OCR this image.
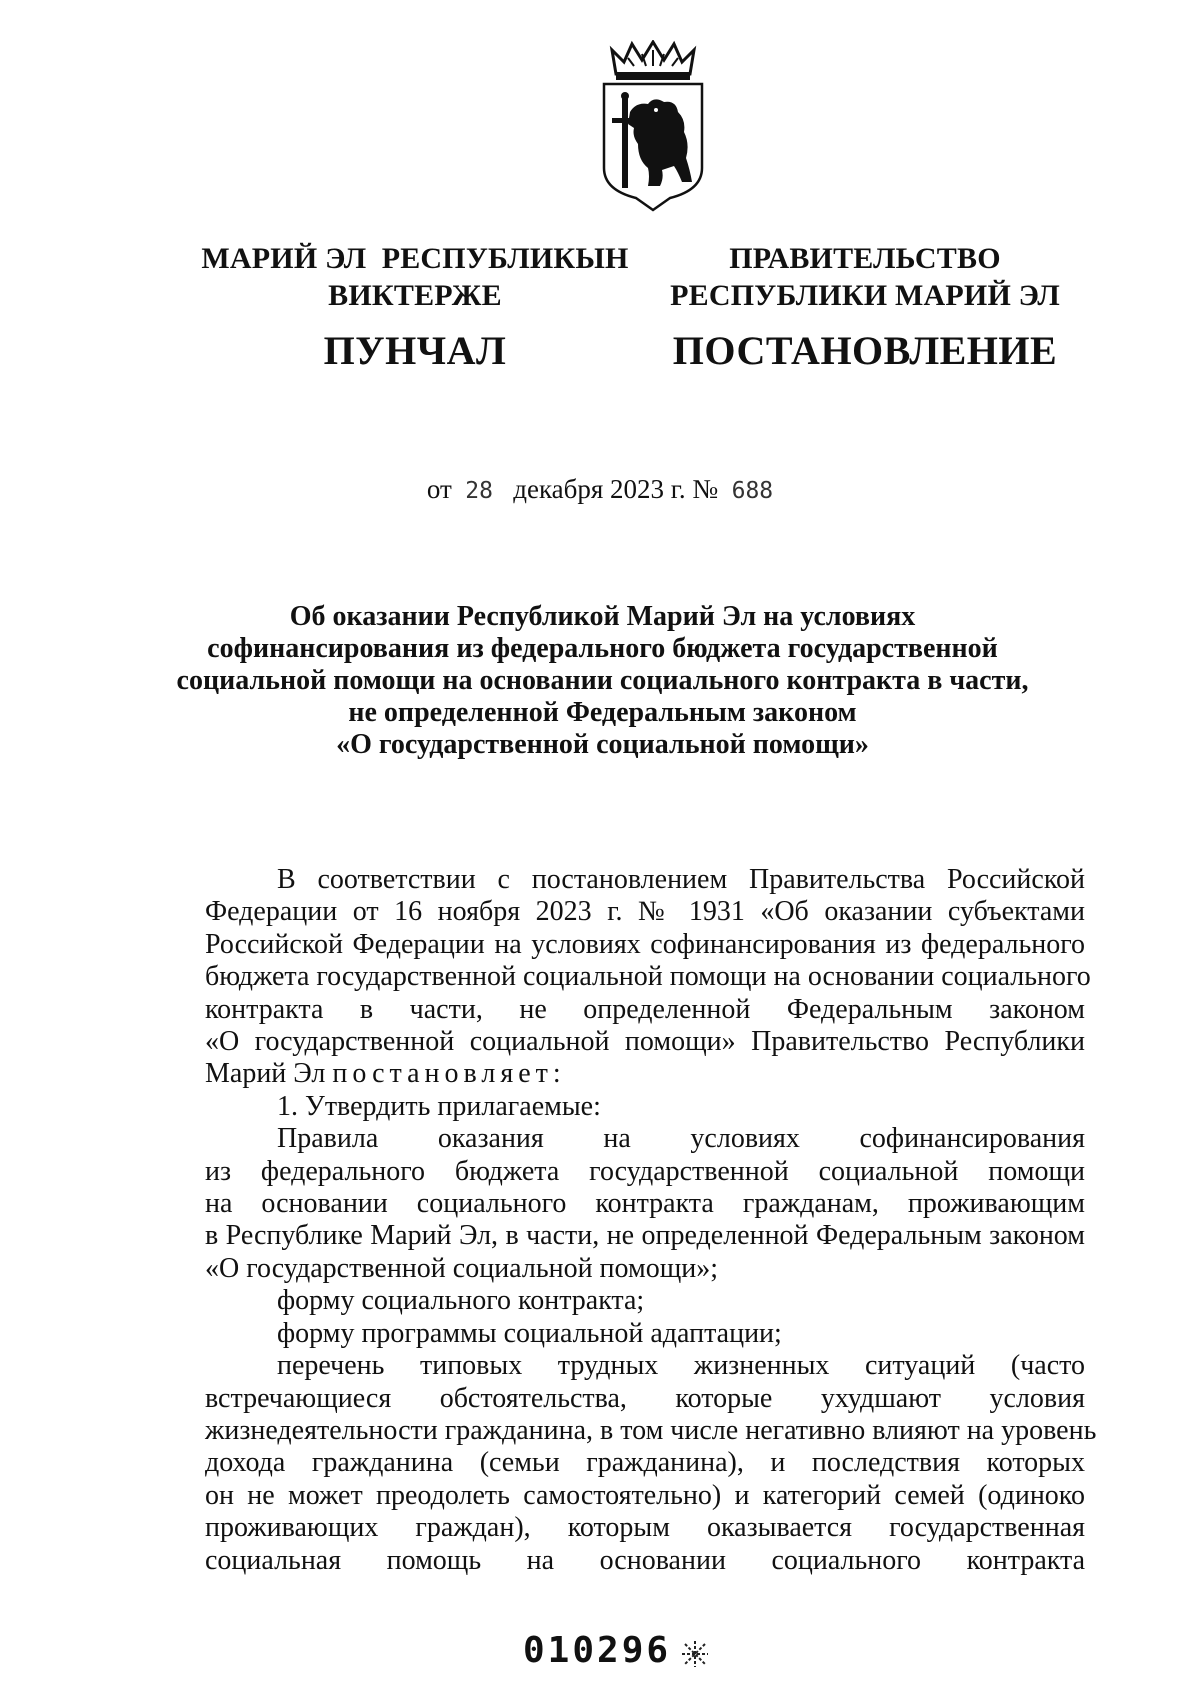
МАРИЙ ЭЛ  РЕСПУБЛИКЫН
ВИКТЕРЖЕ
ПУНЧАЛ
ПРАВИТЕЛЬСТВО
РЕСПУБЛИКИ МАРИЙ ЭЛ
ПОСТАНОВЛЕНИЕ
от 28 декабря 2023 г. № 688
Об оказании Республикой Марий Эл на условиях
софинансирования из федерального бюджета государственной
социальной помощи на основании социального контракта в части,
не определенной Федеральным законом
«О государственной социальной помощи»
В соответствии с постановлением Правительства Российской
Федерации от 16 ноября 2023 г. № 1931 «Об оказании субъектами
Российской Федерации на условиях софинансирования из федерального
бюджета государственной социальной помощи на основании социального
контракта в части, не определенной Федеральным законом
«О государственной социальной помощи» Правительство Республики
Марий Эл постановляет:
1. Утвердить прилагаемые:
Правила оказания на условиях софинансирования
из федерального бюджета государственной социальной помощи
на основании социального контракта гражданам, проживающим
в Республике Марий Эл, в части, не определенной Федеральным законом
«О государственной социальной помощи»;
форму социального контракта;
форму программы социальной адаптации;
перечень типовых трудных жизненных ситуаций (часто
встречающиеся обстоятельства, которые ухудшают условия
жизнедеятельности гражданина, в том числе негативно влияют на уровень
дохода гражданина (семьи гражданина), и последствия которых
он не может преодолеть самостоятельно) и категорий семей (одиноко
проживающих граждан), которым оказывается государственная
социальная помощь на основании социального контракта
010296
